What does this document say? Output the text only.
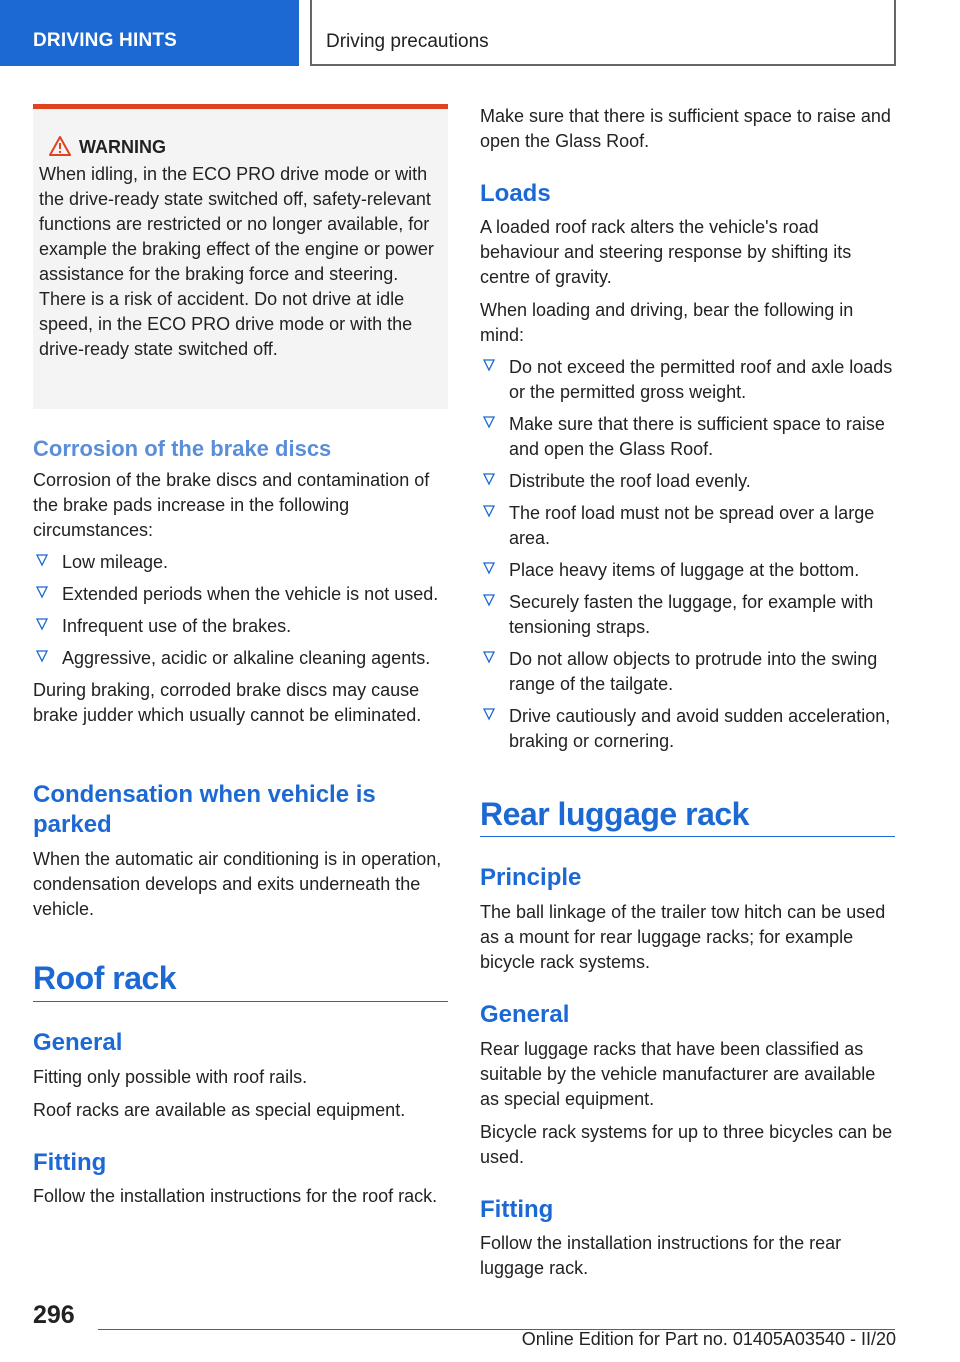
DRIVING HINTS	Driving precautions
WARNING

When idling, in the ECO PRO drive mode or with the drive-ready state switched off, safety-relevant functions are restricted or no longer available, for example the braking effect of the engine or power assistance for the braking force and steering. There is a risk of accident. Do not drive at idle speed, in the ECO PRO drive mode or with the drive-ready state switched off.

Corrosion of the brake discs

Corrosion of the brake discs and contamination of the brake pads increase in the following circumstances:

Low mileage.
Extended periods when the vehicle is not used.
Infrequent use of the brakes.
Aggressive, acidic or alkaline cleaning agents.

During braking, corroded brake discs may cause brake judder which usually cannot be eliminated.

Condensation when vehicle is parked

When the automatic air conditioning is in operation, condensation develops and exits underneath the vehicle.

Roof rack
General

Fitting only possible with roof rails.

Roof racks are available as special equipment.

Fitting

Follow the installation instructions for the roof rack.

Make sure that there is sufficient space to raise and open the Glass Roof.

Loads

A loaded roof rack alters the vehicle's road behaviour and steering response by shifting its centre of gravity.

When loading and driving, bear the following in mind:

Do not exceed the permitted roof and axle loads or the permitted gross weight.
Make sure that there is sufficient space to raise and open the Glass Roof.
Distribute the roof load evenly.
The roof load must not be spread over a large area.
Place heavy items of luggage at the bottom.
Securely fasten the luggage, for example with tensioning straps.
Do not allow objects to protrude into the swing range of the tailgate.
Drive cautiously and avoid sudden acceleration, braking or cornering.
Rear luggage rack
Principle

The ball linkage of the trailer tow hitch can be used as a mount for rear luggage racks; for example bicycle rack systems.

General

Rear luggage racks that have been classified as suitable by the vehicle manufacturer are available as special equipment.

Bicycle rack systems for up to three bicycles can be used.

Fitting

Follow the installation instructions for the rear luggage rack.

296
Online Edition for Part no. 01405A03540 - II/20
